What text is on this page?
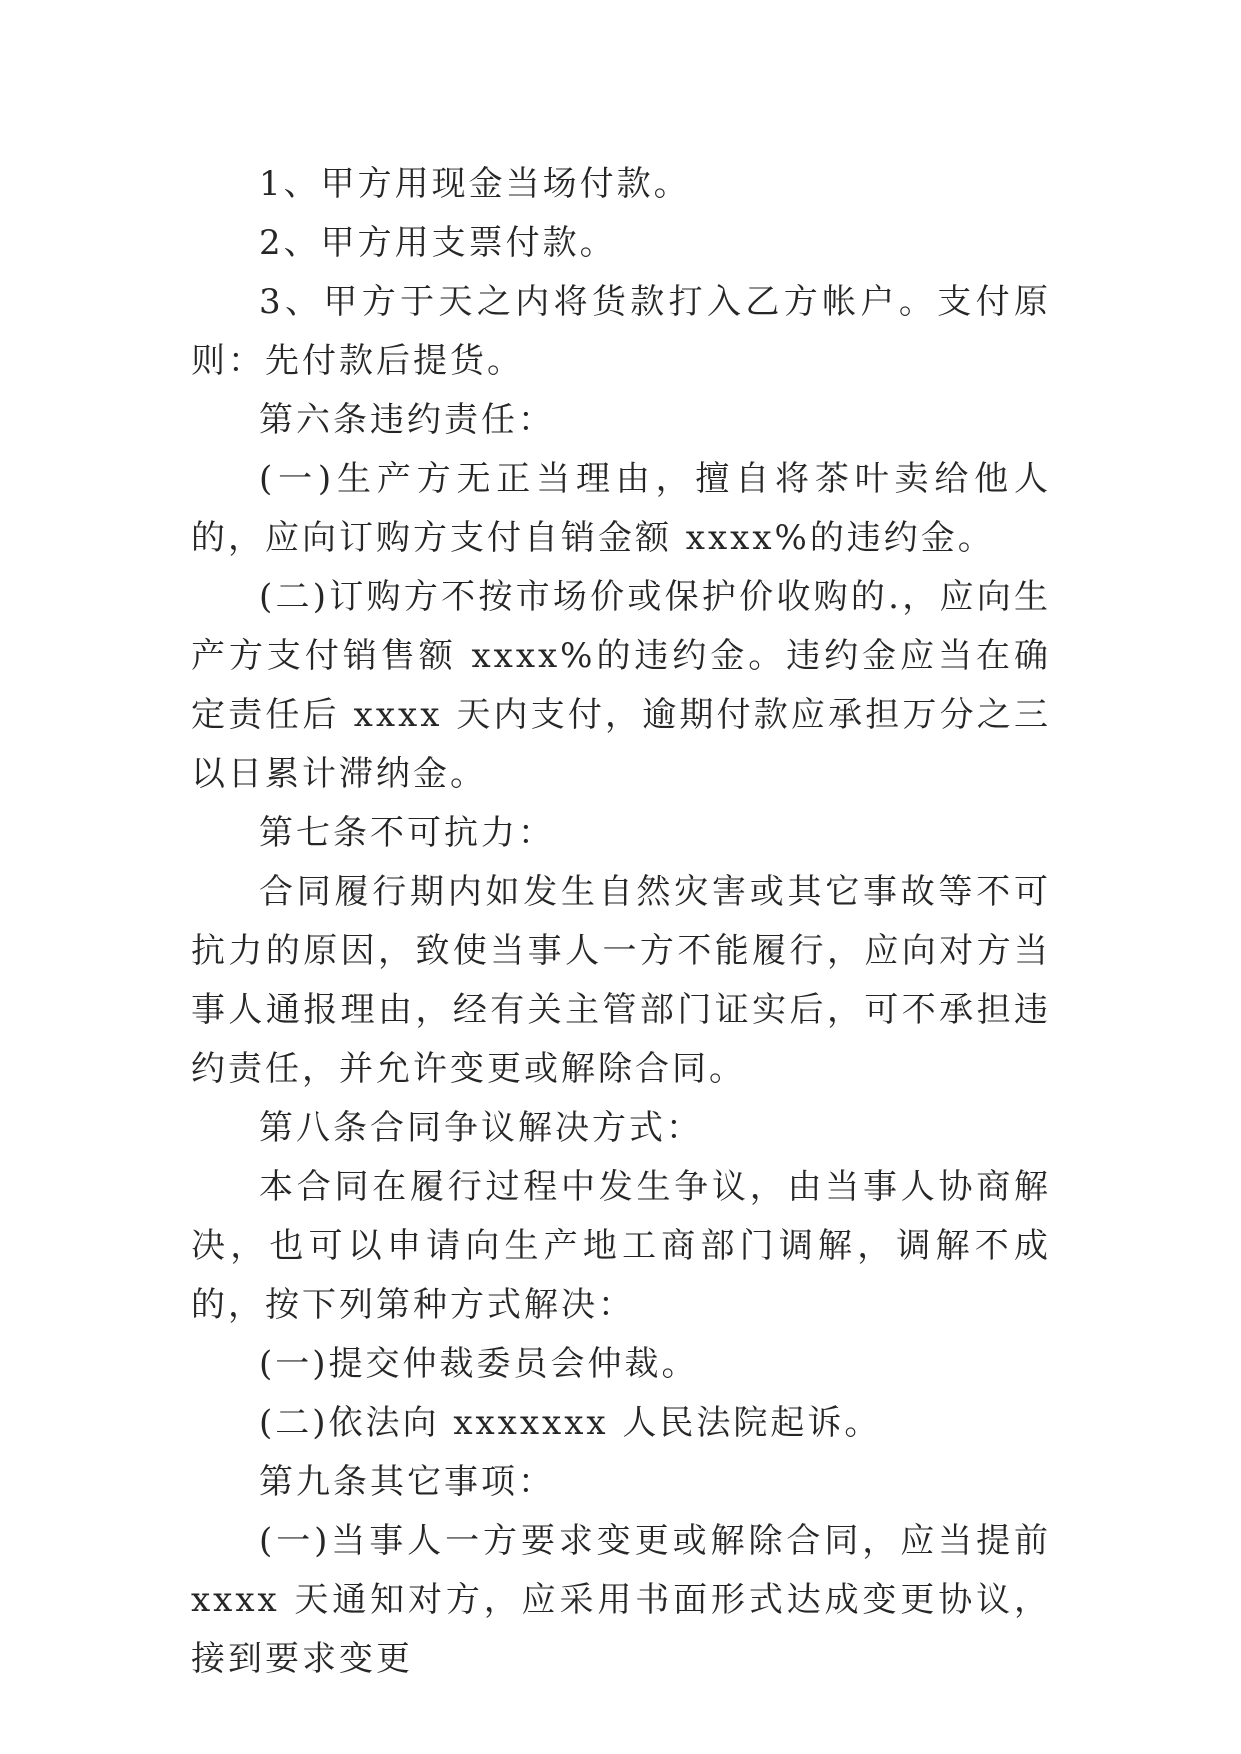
1、甲方用现金当场付款。

2、甲方用支票付款。

3、甲方于天之内将货款打入乙方帐户。支付原则：先付款后提货。

第六条违约责任：

(一)生产方无正当理由，擅自将茶叶卖给他人的，应向订购方支付自销金额 xxxx%的违约金。

(二)订购方不按市场价或保护价收购的.，应向生产方支付销售额 xxxx%的违约金。违约金应当在确定责任后 xxxx 天内支付，逾期付款应承担万分之三以日累计滞纳金。

第七条不可抗力：

合同履行期内如发生自然灾害或其它事故等不可抗力的原因，致使当事人一方不能履行，应向对方当事人通报理由，经有关主管部门证实后，可不承担违约责任，并允许变更或解除合同。

第八条合同争议解决方式：

本合同在履行过程中发生争议，由当事人协商解决，也可以申请向生产地工商部门调解，调解不成的，按下列第种方式解决：

(一)提交仲裁委员会仲裁。

(二)依法向 xxxxxxx 人民法院起诉。

第九条其它事项：

(一)当事人一方要求变更或解除合同，应当提前 xxxx 天通知对方，应采用书面形式达成变更协议，接到要求变更
